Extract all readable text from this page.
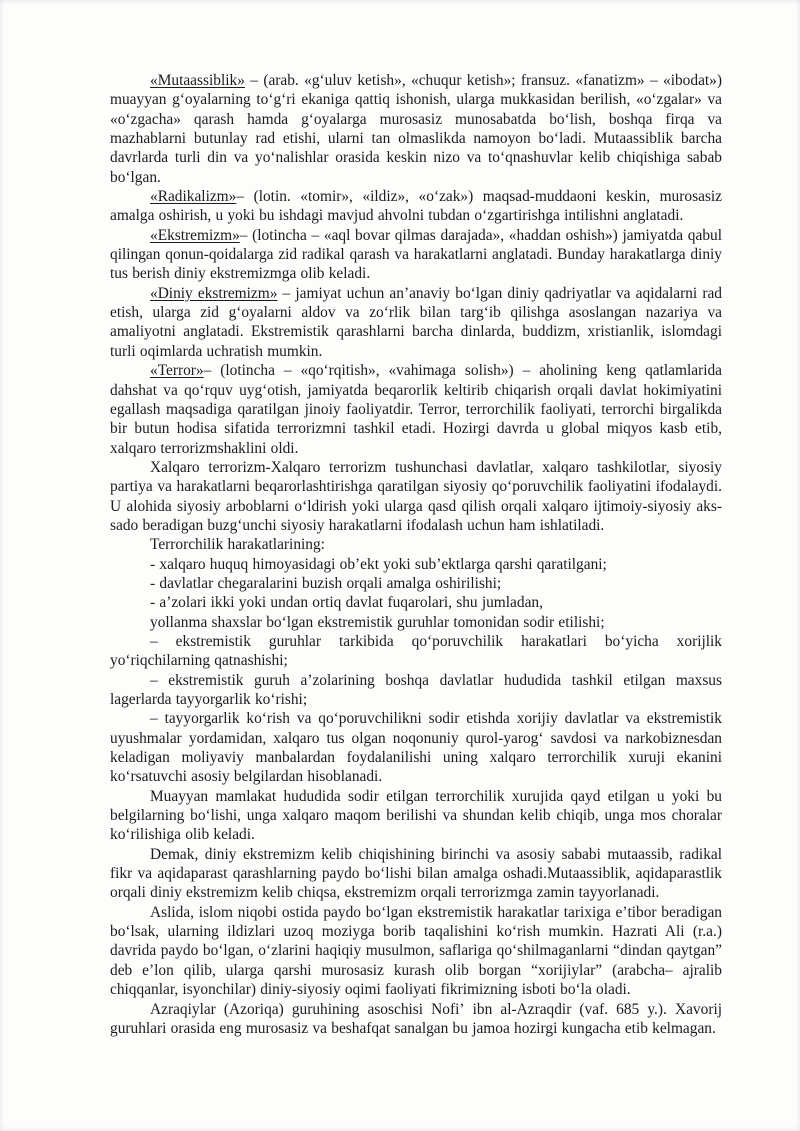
«Mutaassiblik» – (arab. «gʻuluv ketish», «chuqur ketish»; fransuz. «fanatizm» – «ibodat») muayyan gʻoyalarning toʻgʻri ekaniga qattiq ishonish, ularga mukkasidan berilish, «oʻzgalar» va «oʻzgacha» qarash hamda gʻoyalarga murosasiz munosabatda boʻlish, boshqa firqa va mazhablarni butunlay rad etishi, ularni tan olmaslikda namoyon boʻladi. Mutaassiblik barcha davrlarda turli din va yoʻnalishlar orasida keskin nizo va toʻqnashuvlar kelib chiqishiga sabab boʻlgan.

«Radikalizm»– (lotin. «tomir», «ildiz», «oʻzak») maqsad-muddaoni keskin, murosasiz amalga oshirish, u yoki bu ishdagi mavjud ahvolni tubdan oʻzgartirishga intilishni anglatadi.

«Ekstremizm»– (lotincha – «aql bovar qilmas darajada», «haddan oshish») jamiyatda qabul qilingan qonun-qoidalarga zid radikal qarash va harakatlarni anglatadi. Bunday harakatlarga diniy tus berish diniy ekstremizmga olib keladi.

«Diniy ekstremizm» – jamiyat uchun anʼanaviy boʻlgan diniy qadriyatlar va aqidalarni rad etish, ularga zid gʻoyalarni aldov va zoʻrlik bilan targʻib qilishga asoslangan nazariya va amaliyotni anglatadi. Ekstremistik qarashlarni barcha dinlarda, buddizm, xristianlik, islomdagi turli oqimlarda uchratish mumkin.

«Terror»– (lotincha – «qoʻrqitish», «vahimaga solish») – aholining keng qatlamlarida dahshat va qoʻrquv uygʻotish, jamiyatda beqarorlik keltirib chiqarish orqali davlat hokimiyatini egallash maqsadiga qaratilgan jinoiy faoliyatdir. Terror, terrorchilik faoliyati, terrorchi birgalikda bir butun hodisa sifatida terrorizmni tashkil etadi. Hozirgi davrda u global miqyos kasb etib, xalqaro terrorizmshaklini oldi.

Xalqaro terrorizm-Xalqaro terrorizm tushunchasi davlatlar, xalqaro tashkilotlar, siyosiy partiya va harakatlarni beqarorlashtirishga qaratilgan siyosiy qoʻporuvchilik faoliyatini ifodalaydi. U alohida siyosiy arboblarni oʻldirish yoki ularga qasd qilish orqali xalqaro ijtimoiy-siyosiy aks-sado beradigan buzgʻunchi siyosiy harakatlarni ifodalash uchun ham ishlatiladi.

Terrorchilik harakatlarining:

- xalqaro huquq himoyasidagi obʼekt yoki subʼektlarga qarshi qaratilgani;

- davlatlar chegaralarini buzish orqali amalga oshirilishi;

- aʼzolari ikki yoki undan ortiq davlat fuqarolari, shu jumladan,

yollanma shaxslar boʻlgan ekstremistik guruhlar tomonidan sodir etilishi;

– ekstremistik guruhlar tarkibida qoʻporuvchilik harakatlari boʻyicha xorijlik yoʻriqchilarning qatnashishi;

– ekstremistik guruh aʼzolarining boshqa davlatlar hududida tashkil etilgan maxsus lagerlarda tayyorgarlik koʻrishi;

– tayyorgarlik koʻrish va qoʻporuvchilikni sodir etishda xorijiy davlatlar va ekstremistik uyushmalar yordamidan, xalqaro tus olgan noqonuniy qurol-yarogʻ savdosi va narkobiznesdan keladigan moliyaviy manbalardan foydalanilishi uning xalqaro terrorchilik xuruji ekanini koʻrsatuvchi asosiy belgilardan hisoblanadi.

Muayyan mamlakat hududida sodir etilgan terrorchilik xurujida qayd etilgan u yoki bu belgilarning boʻlishi, unga xalqaro maqom berilishi va shundan kelib chiqib, unga mos choralar koʻrilishiga olib keladi.

Demak, diniy ekstremizm kelib chiqishining birinchi va asosiy sababi mutaassib, radikal fikr va aqidaparast qarashlarning paydo boʻlishi bilan amalga oshadi.Mutaassiblik, aqidaparastlik orqali diniy ekstremizm kelib chiqsa, ekstremizm orqali terrorizmga zamin tayyorlanadi.

Aslida, islom niqobi ostida paydo boʻlgan ekstremistik harakatlar tarixiga eʼtibor beradigan boʻlsak, ularning ildizlari uzoq moziyga borib taqalishini koʻrish mumkin. Hazrati Ali (r.a.) davrida paydo boʻlgan, oʻzlarini haqiqiy musulmon, saflariga qoʻshilmaganlarni “dindan qaytgan” deb eʼlon qilib, ularga qarshi murosasiz kurash olib borgan “xorijiylar” (arabcha– ajralib chiqqanlar, isyonchilar) diniy-siyosiy oqimi faoliyati fikrimizning isboti boʻla oladi.

Azraqiylar (Azoriqa) guruhining asoschisi Nofiʼ ibn al-Azraqdir (vaf. 685 y.). Xavorij guruhlari orasida eng murosasiz va beshafqat sanalgan bu jamoa hozirgi kungacha etib kelmagan.
